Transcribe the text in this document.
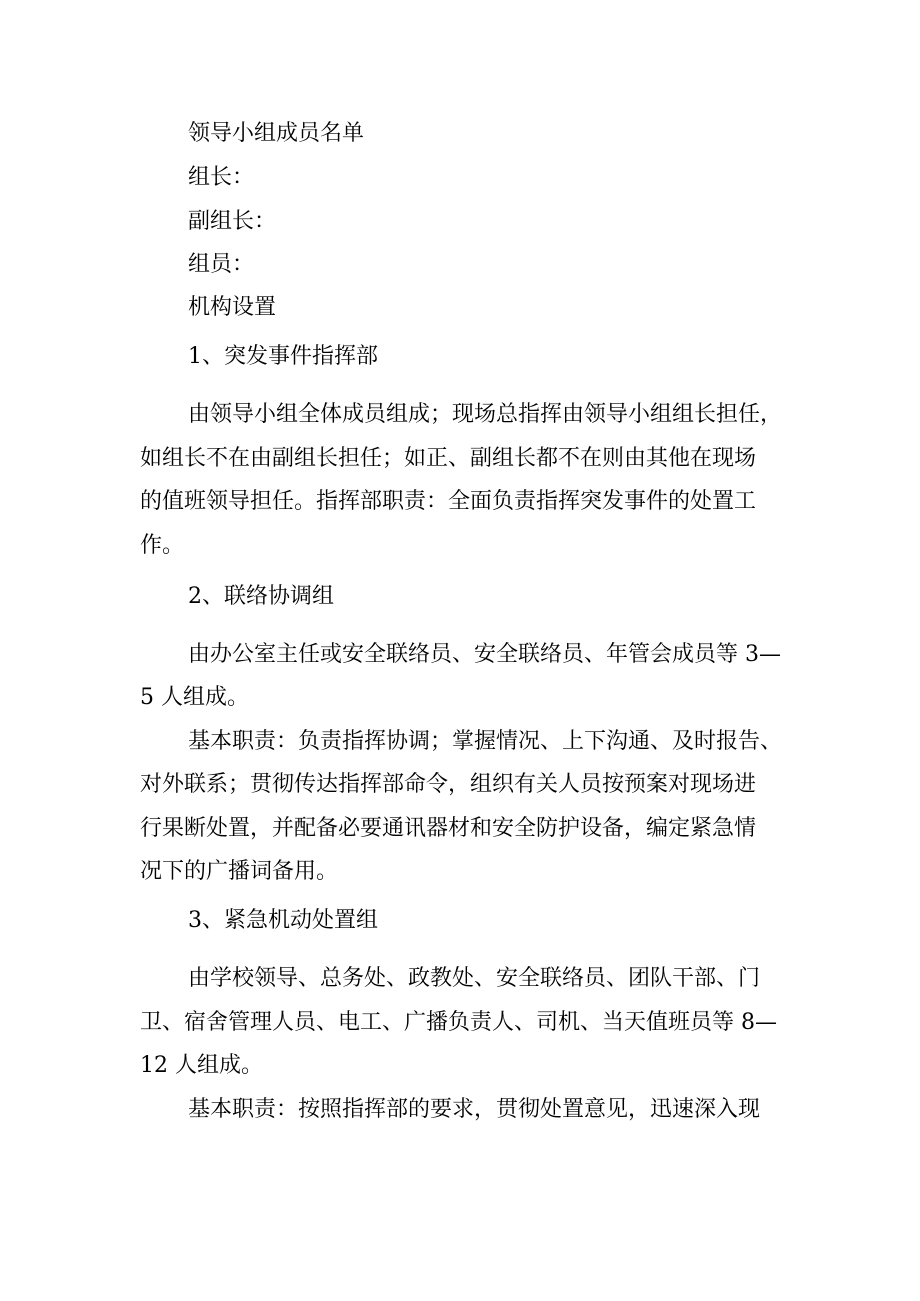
领导小组成员名单

组长：

副组长：

组员：

机构设置

1、突发事件指挥部

由领导小组全体成员组成；现场总指挥由领导小组组长担任，

如组长不在由副组长担任；如正、副组长都不在则由其他在现场

的值班领导担任。指挥部职责：全面负责指挥突发事件的处置工

作。

2、联络协调组

由办公室主任或安全联络员、安全联络员、年管会成员等 3—

5 人组成。

基本职责：负责指挥协调；掌握情况、上下沟通、及时报告、

对外联系；贯彻传达指挥部命令，组织有关人员按预案对现场进

行果断处置，并配备必要通讯器材和安全防护设备，编定紧急情

况下的广播词备用。

3、紧急机动处置组

由学校领导、总务处、政教处、安全联络员、团队干部、门

卫、宿舍管理人员、电工、广播负责人、司机、当天值班员等 8—

12 人组成。

基本职责：按照指挥部的要求，贯彻处置意见，迅速深入现
